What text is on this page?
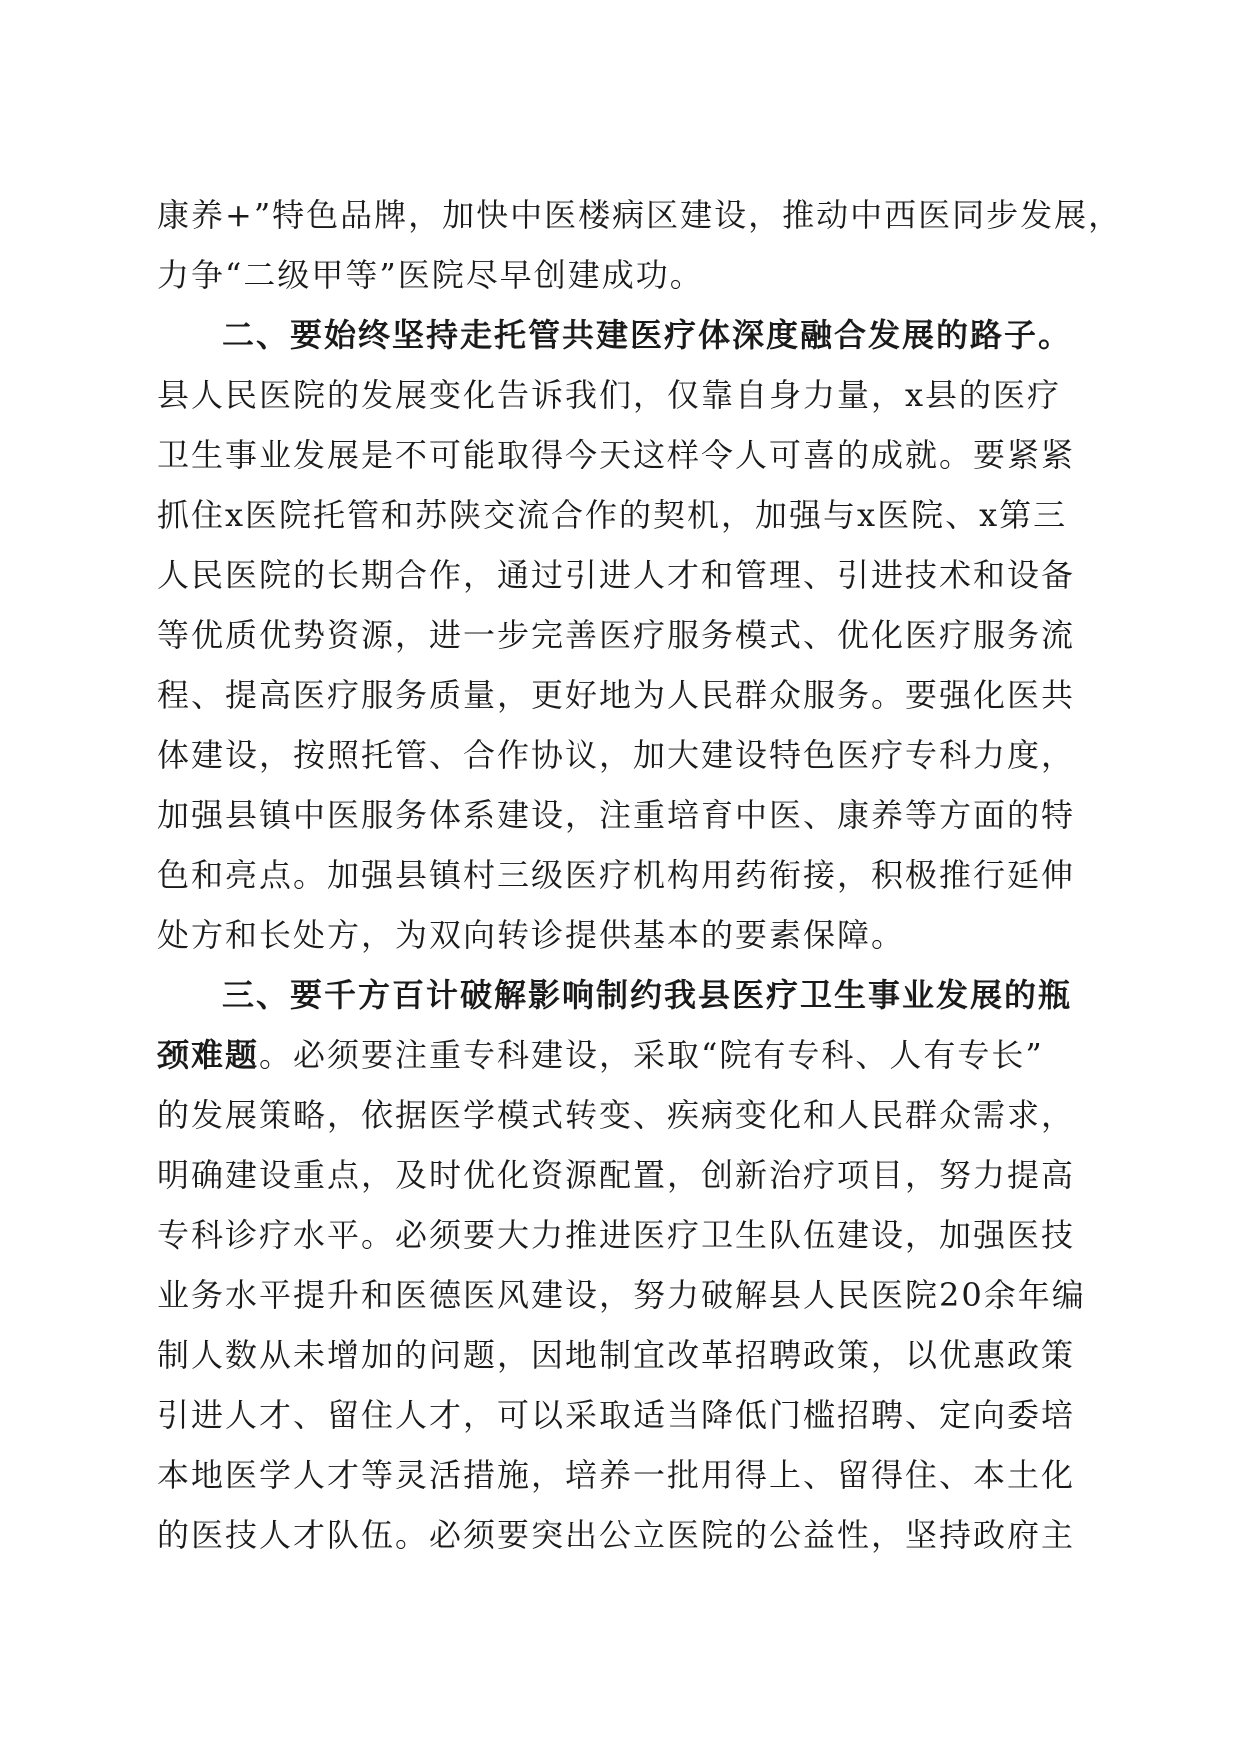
康养+”特色品牌，加快中医楼病区建设，推动中西医同步发展，
力争“二级甲等”医院尽早创建成功。
二、要始终坚持走托管共建医疗体深度融合发展的路子。
县人民医院的发展变化告诉我们，仅靠自身力量，x县的医疗
卫生事业发展是不可能取得今天这样令人可喜的成就。要紧紧
抓住x医院托管和苏陕交流合作的契机，加强与x医院、x第三
人民医院的长期合作，通过引进人才和管理、引进技术和设备
等优质优势资源，进一步完善医疗服务模式、优化医疗服务流
程、提高医疗服务质量，更好地为人民群众服务。要强化医共
体建设，按照托管、合作协议，加大建设特色医疗专科力度，
加强县镇中医服务体系建设，注重培育中医、康养等方面的特
色和亮点。加强县镇村三级医疗机构用药衔接，积极推行延伸
处方和长处方，为双向转诊提供基本的要素保障。
三、要千方百计破解影响制约我县医疗卫生事业发展的瓶
颈难题。必须要注重专科建设，采取“院有专科、人有专长”
的发展策略，依据医学模式转变、疾病变化和人民群众需求，
明确建设重点，及时优化资源配置，创新治疗项目，努力提高
专科诊疗水平。必须要大力推进医疗卫生队伍建设，加强医技
业务水平提升和医德医风建设，努力破解县人民医院20余年编
制人数从未增加的问题，因地制宜改革招聘政策，以优惠政策
引进人才、留住人才，可以采取适当降低门槛招聘、定向委培
本地医学人才等灵活措施，培养一批用得上、留得住、本土化
的医技人才队伍。必须要突出公立医院的公益性，坚持政府主
